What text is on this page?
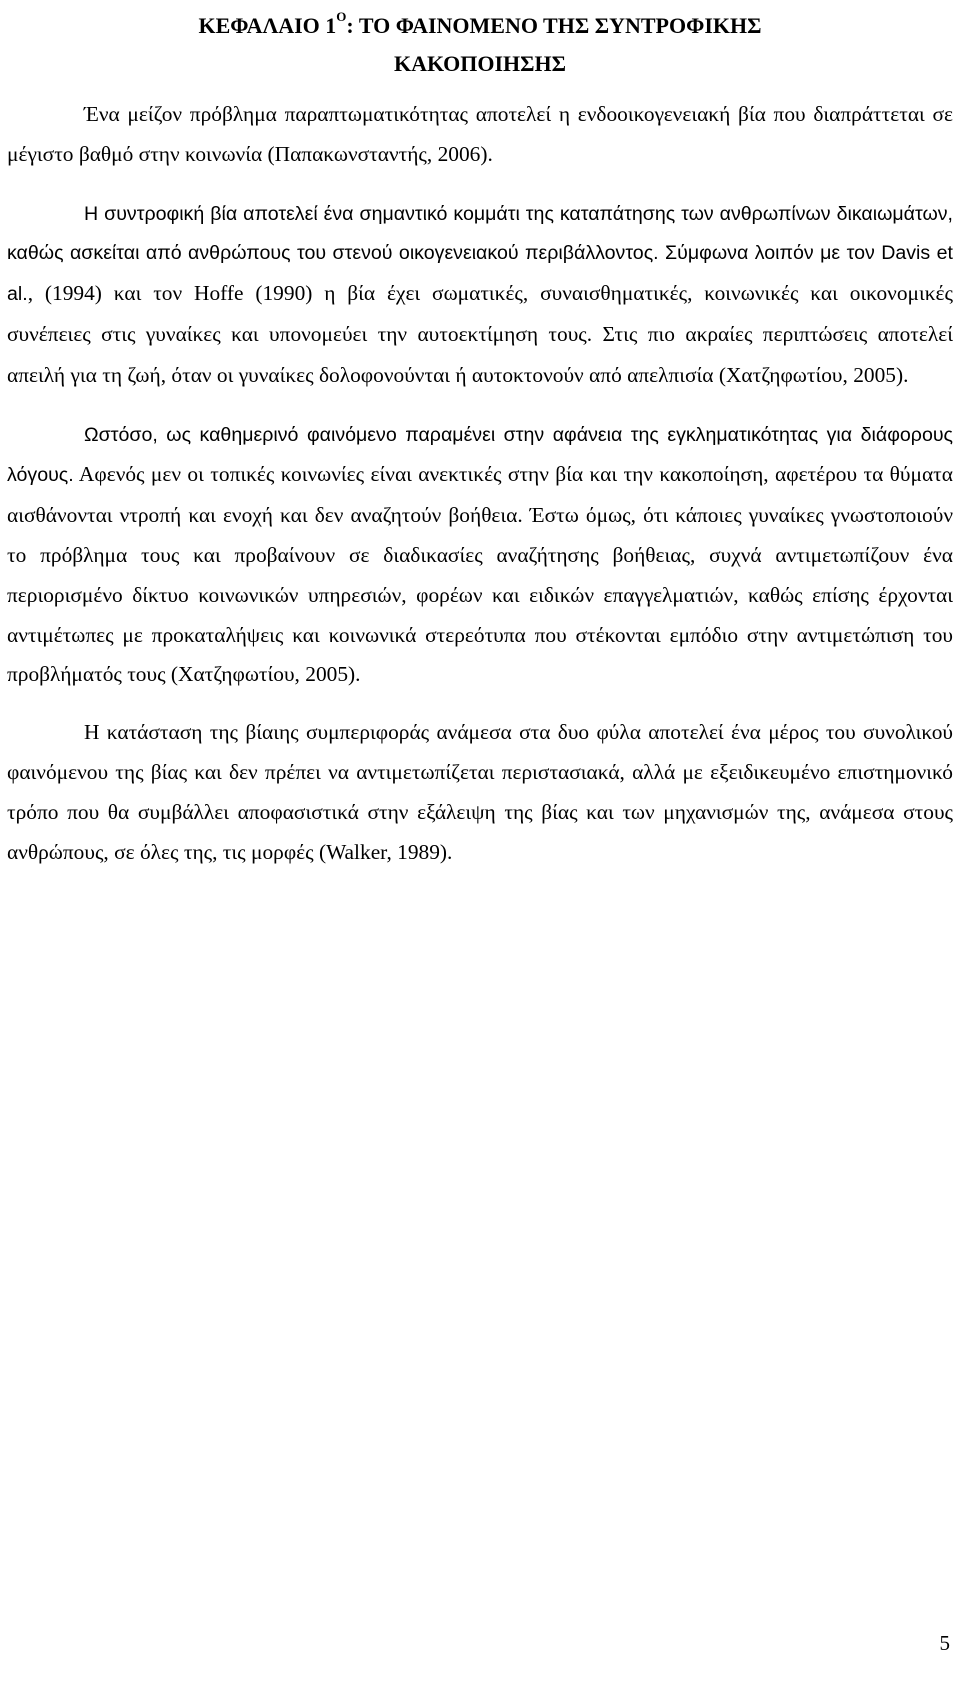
ΚΕΦΑΛΑΙΟ $1^O$: ΤΟ ΦΑΙΝΟΜΕΝΟ ΤΗΣ ΣΥΝΤΡΟΦΙΚΗΣ
ΚΑΚΟΠΟΙΗΣΗΣ

Ένα μείζον πρόβλημα παραπτωματικότητας αποτελεί η ενδοοικογενειακή βία που διαπράττεται σε μέγιστο βαθμό στην κοινωνία (Παπακωνσταντής, 2006).

Η συντροφική βία αποτελεί ένα σημαντικό κομμάτι της καταπάτησης των ανθρωπίνων δικαιωμάτων, καθώς ασκείται από ανθρώπους του στενού οικογενειακού περιβάλλοντος. Σύμφωνα λοιπόν με τον Davis et al., (1994) και τον Hoffe (1990) η βία έχει σωματικές, συναισθηματικές, κοινωνικές και οικονομικές συνέπειες στις γυναίκες και υπονομεύει την αυτοεκτίμηση τους. Στις πιο ακραίες περιπτώσεις αποτελεί απειλή για τη ζωή, όταν οι γυναίκες δολοφονούνται ή αυτοκτονούν από απελπισία (Χατζηφωτίου, 2005).

Ωστόσο, ως καθημερινό φαινόμενο παραμένει στην αφάνεια της εγκληματικότητας για διάφορους λόγους. Αφενός μεν οι τοπικές κοινωνίες είναι ανεκτικές στην βία και την κακοποίηση, αφετέρου τα θύματα αισθάνονται ντροπή και ενοχή και δεν αναζητούν βοήθεια. Έστω όμως, ότι κάποιες γυναίκες γνωστοποιούν το πρόβλημα τους και προβαίνουν σε διαδικασίες αναζήτησης βοήθειας, συχνά αντιμετωπίζουν ένα περιορισμένο δίκτυο κοινωνικών υπηρεσιών, φορέων και ειδικών επαγγελματιών, καθώς επίσης έρχονται αντιμέτωπες με προκαταλήψεις και κοινωνικά στερεότυπα που στέκονται εμπόδιο στην αντιμετώπιση του προβλήματός τους (Χατζηφωτίου, 2005).

Η κατάσταση της βίαιης συμπεριφοράς ανάμεσα στα δυο φύλα αποτελεί ένα μέρος του συνολικού φαινόμενου της βίας και δεν πρέπει να αντιμετωπίζεται περιστασιακά, αλλά με εξειδικευμένο επιστημονικό τρόπο που θα συμβάλλει αποφασιστικά στην εξάλειψη της βίας και των μηχανισμών της, ανάμεσα στους ανθρώπους, σε όλες της, τις μορφές (Walker, 1989).

5
